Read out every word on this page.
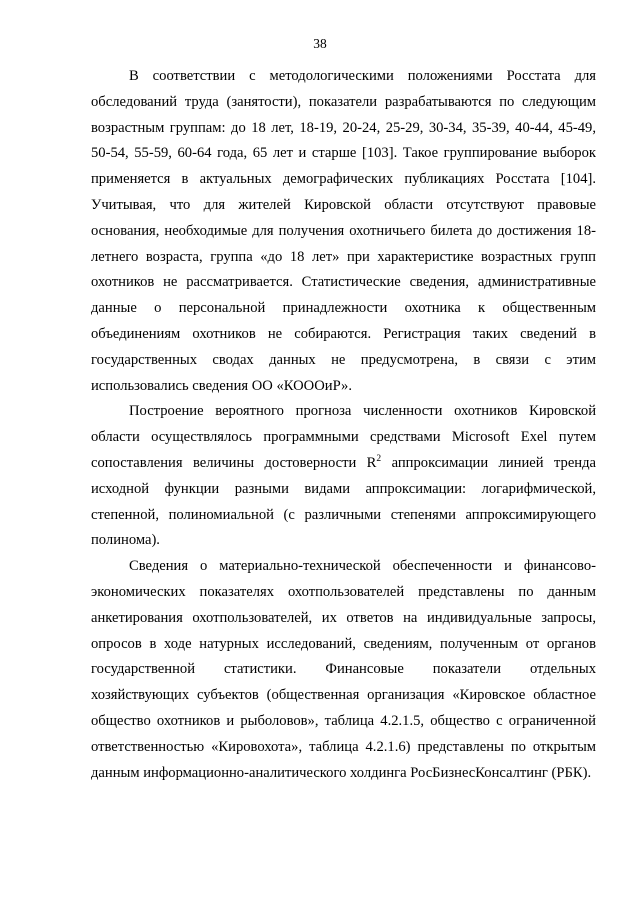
38

В соответствии с методологическими положениями Росстата для обследований труда (занятости), показатели разрабатываются по следующим возрастным группам: до 18 лет, 18-19, 20-24, 25-29, 30-34, 35-39, 40-44, 45-49, 50-54, 55-59, 60-64 года, 65 лет и старше [103]. Такое группирование выборок применяется в актуальных демографических публикациях Росстата [104]. Учитывая, что для жителей Кировской области отсутствуют правовые основания, необходимые для получения охотничьего билета до достижения 18-летнего возраста, группа «до 18 лет» при характеристике возрастных групп охотников не рассматривается. Статистические сведения, административные данные о персональной принадлежности охотника к общественным объединениям охотников не собираются. Регистрация таких сведений в государственных сводах данных не предусмотрена, в связи с этим использовались сведения ОО «КОООиР».

Построение вероятного прогноза численности охотников Кировской области осуществлялось программными средствами Microsoft Exel путем сопоставления величины достоверности $R^2$ аппроксимации линией тренда исходной функции разными видами аппроксимации: логарифмической, степенной, полиномиальной (с различными степенями аппроксимирующего полинома).

Сведения о материально-технической обеспеченности и финансово-экономических показателях охотпользователей представлены по данным анкетирования охотпользователей, их ответов на индивидуальные запросы, опросов в ходе натурных исследований, сведениям, полученным от органов государственной статистики. Финансовые показатели отдельных хозяйствующих субъектов (общественная организация «Кировское областное общество охотников и рыболовов», таблица 4.2.1.5, общество с ограниченной ответственностью «Кировохота», таблица 4.2.1.6) представлены по открытым данным информационно-аналитического холдинга РосБизнесКонсалтинг (РБК).
